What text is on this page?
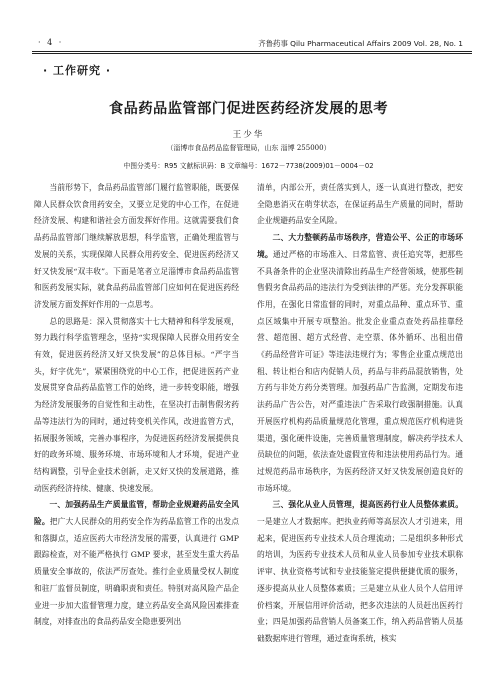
· 4 ·	齐鲁药事 Qilu Pharmaceutical Affairs 2009 Vol. 28, No. 1
· 工作研究 ·
食品药品监管部门促进医药经济发展的思考
王少华
（淄博市食品药品监督管理局，山东 淄博 255000）
中图分类号：R95 文献标识码：B 文章编号：1672－7738(2009)01－0004－02

当前形势下，食品药品监管部门履行监管职能，既要保障人民群众饮食用药安全，又要立足党的中心工作，在促进经济发展、构建和谐社会方面发挥好作用。这就需要我们食品药品监管部门继续解放思想，科学监管，正确处理监管与发展的关系，实现保障人民群众用药安全、促进医药经济又好又快发展“双丰收”。下面是笔者立足淄博市食品药品监管和医药发展实际，就食品药品监管部门应如何在促进医药经济发展方面发挥好作用的一点思考。

总的思路是：深入贯彻落实十七大精神和科学发展观，努力践行科学监管理念，坚持“实现保障人民群众用药安全有效，促进医药经济又好又快发展”的总体目标。“严字当头，好字优先”，紧紧围绕党的中心工作，把促进医药产业发展贯穿食品药品监管工作的始终，进一步转变职能，增强为经济发展服务的自觉性和主动性，在坚决打击制售假劣药品等违法行为的同时，通过转变机关作风，改进监管方式，拓展服务领域，完善办事程序，为促进医药经济发展提供良好的政务环境、服务环境、市场环境和人才环境，促进产业结构调整，引导企业技术创新，走又好又快的发展道路，推动医药经济持续、健康、快速发展。

一、加强药品生产质量监管，帮助企业规避药品安全风险。把广大人民群众的用药安全作为药品监管工作的出发点和落脚点，适应医药大市经济发展的需要，认真进行 GMP 跟踪检查，对不能严格执行 GMP 要求，甚至发生重大药品质量安全事故的，依法严厉查处。推行企业质量受权人制度和驻厂监督员制度，明确职责和责任。特别对高风险产品企业进一步加大监督管理力度，建立药品安全高风险因素排查制度，对排查出的食品药品安全隐患要列出

清单，内部公开，责任落实到人，逐一认真进行整改，把安全隐患消灭在萌芽状态，在保证药品生产质量的同时，帮助企业规避药品安全风险。

二、大力整顿药品市场秩序，营造公平、公正的市场环境。通过严格的市场准入、日常监管、责任追究等，把那些不具备条件的企业坚决清除出药品生产经营领域，使那些制售假劣食品药品的违法行为受到法律的严惩。充分发挥职能作用，在强化日常监督的同时，对重点品种、重点环节、重点区域集中开展专项整治。批发企业重点查处药品挂靠经营、超范围、超方式经营、走空票、体外循环、出租出借《药品经营许可证》等违法违规行为；零售企业重点规范出租、转让柜台和店内促销人员，药品与非药品混放销售，处方药与非处方药分类管理。加强药品广告监测，定期发布违法药品广告公告，对严重违法广告采取行政强制措施。认真开展医疗机构药品质量规范化管理，重点规范医疗机构进货渠道，强化硬件设施，完善质量管理制度，解决药学技术人员缺位的问题，依法查处虚假宣传和违法使用药品行为。通过规范药品市场秩序，为医药经济又好又快发展创造良好的市场环境。

三、强化从业人员管理，提高医药行业人员整体素质。一是建立人才数据库。把执业药师等高层次人才引进来，用起来，促进医药专业技术人员合理流动；二是组织多种形式的培训，为医药专业技术人员和从业人员参加专业技术职称评审、执业资格考试和专业技能鉴定提供便捷优质的服务，逐步提高从业人员整体素质；三是建立从业人员个人信用评价档案，开展信用评价活动，把多次违法的人员赶出医药行业；四是加强药品营销人员备案工作，纳入药品营销人员基础数据库进行管理，通过查询系统，核实
